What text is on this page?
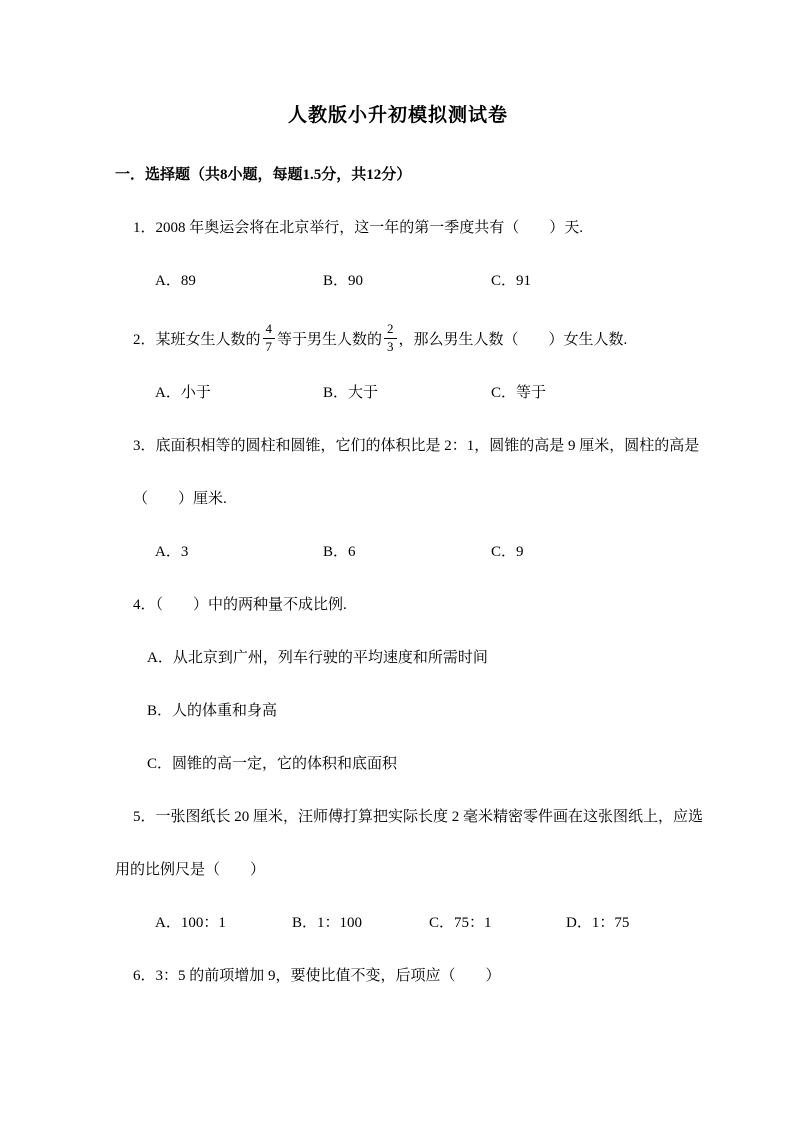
人教版小升初模拟测试卷
一．选择题（共8小题，每题1.5分，共12分）
1．2008 年奥运会将在北京举行，这一年的第一季度共有（　　）天.
A．89	B．90	C．91
2．某班女生人数的 $\frac{4}{7}$ 等于男生人数的 $\frac{2}{3}$ ，那么男生人数（　　）女生人数.
A．小于	B．大于	C．等于
3．底面积相等的圆柱和圆锥，它们的体积比是 2：1，圆锥的高是 9 厘米，圆柱的高是
（　　）厘米.
A．3	B．6	C．9
4．（　　）中的两种量不成比例.
A．从北京到广州，列车行驶的平均速度和所需时间
B．人的体重和身高
C．圆锥的高一定，它的体积和底面积
5．一张图纸长 20 厘米，汪师傅打算把实际长度 2 毫米精密零件画在这张图纸上，应选
用的比例尺是（　　）
A．100：1	B．1：100	C．75：1	D．1：75
6．3：5 的前项增加 9，要使比值不变，后项应（　　）
